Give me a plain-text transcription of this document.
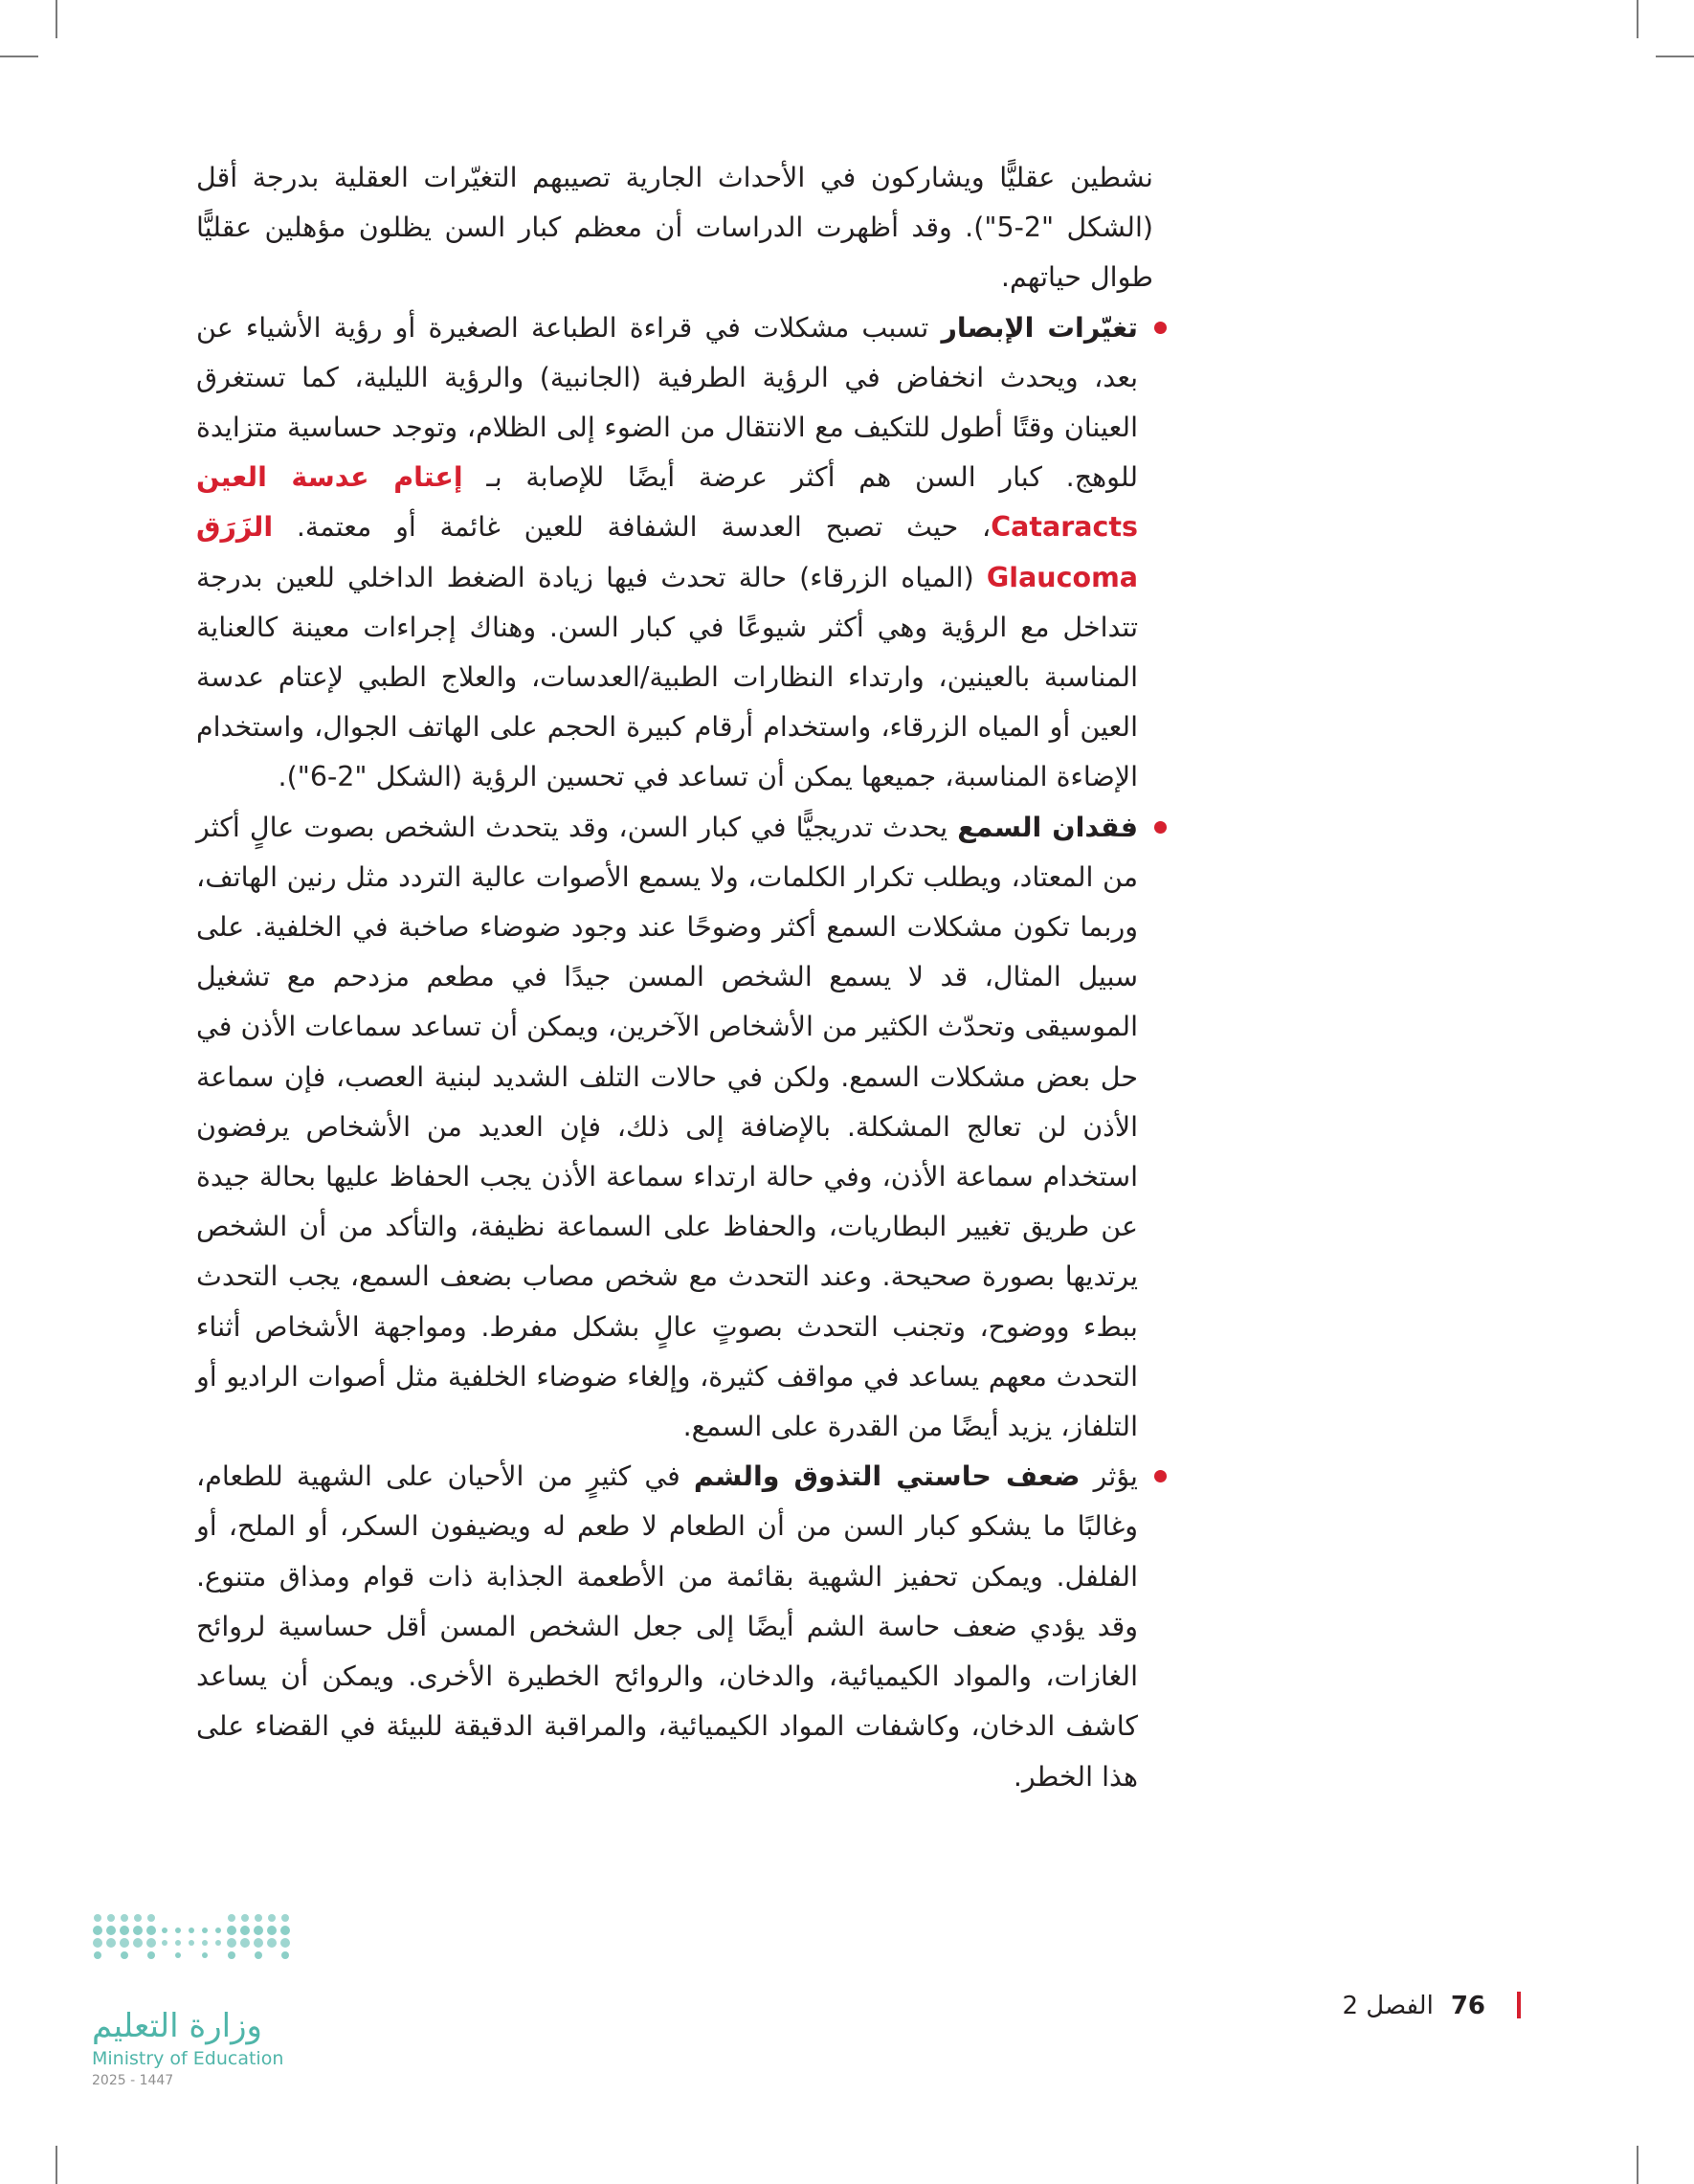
نشطين عقليًّا ويشاركون في الأحداث الجارية تصيبهم التغيّرات العقلية بدرجة أقل (الشكل "2-5"). وقد أظهرت الدراسات أن معظم كبار السن يظلون مؤهلين عقليًّا طوال حياتهم.

تغيّرات الإبصار تسبب مشكلات في قراءة الطباعة الصغيرة أو رؤية الأشياء عن بعد، ويحدث انخفاض في الرؤية الطرفية (الجانبية) والرؤية الليلية، كما تستغرق العينان وقتًا أطول للتكيف مع الانتقال من الضوء إلى الظلام، وتوجد حساسية متزايدة للوهج. كبار السن هم أكثر عرضة أيضًا للإصابة بـ إعتام عدسة العين Cataracts، حيث تصبح العدسة الشفافة للعين غائمة أو معتمة. الزَرَق Glaucoma (المياه الزرقاء) حالة تحدث فيها زيادة الضغط الداخلي للعين بدرجة تتداخل مع الرؤية وهي أكثر شيوعًا في كبار السن. وهناك إجراءات معينة كالعناية المناسبة بالعينين، وارتداء النظارات الطبية/العدسات، والعلاج الطبي لإعتام عدسة العين أو المياه الزرقاء، واستخدام أرقام كبيرة الحجم على الهاتف الجوال، واستخدام الإضاءة المناسبة، جميعها يمكن أن تساعد في تحسين الرؤية (الشكل "2-6").

فقدان السمع يحدث تدريجيًّا في كبار السن، وقد يتحدث الشخص بصوت عالٍ أكثر من المعتاد، ويطلب تكرار الكلمات، ولا يسمع الأصوات عالية التردد مثل رنين الهاتف، وربما تكون مشكلات السمع أكثر وضوحًا عند وجود ضوضاء صاخبة في الخلفية. على سبيل المثال، قد لا يسمع الشخص المسن جيدًا في مطعم مزدحم مع تشغيل الموسيقى وتحدّث الكثير من الأشخاص الآخرين، ويمكن أن تساعد سماعات الأذن في حل بعض مشكلات السمع. ولكن في حالات التلف الشديد لبنية العصب، فإن سماعة الأذن لن تعالج المشكلة. بالإضافة إلى ذلك، فإن العديد من الأشخاص يرفضون استخدام سماعة الأذن، وفي حالة ارتداء سماعة الأذن يجب الحفاظ عليها بحالة جيدة عن طريق تغيير البطاريات، والحفاظ على السماعة نظيفة، والتأكد من أن الشخص يرتديها بصورة صحيحة. وعند التحدث مع شخص مصاب بضعف السمع، يجب التحدث ببطء ووضوح، وتجنب التحدث بصوتٍ عالٍ بشكل مفرط. ومواجهة الأشخاص أثناء التحدث معهم يساعد في مواقف كثيرة، وإلغاء ضوضاء الخلفية مثل أصوات الراديو أو التلفاز، يزيد أيضًا من القدرة على السمع.

يؤثر ضعف حاستي التذوق والشم في كثيرٍ من الأحيان على الشهية للطعام، وغالبًا ما يشكو كبار السن من أن الطعام لا طعم له ويضيفون السكر، أو الملح، أو الفلفل. ويمكن تحفيز الشهية بقائمة من الأطعمة الجذابة ذات قوام ومذاق متنوع. وقد يؤدي ضعف حاسة الشم أيضًا إلى جعل الشخص المسن أقل حساسية لروائح الغازات، والمواد الكيميائية، والدخان، والروائح الخطيرة الأخرى. ويمكن أن يساعد كاشف الدخان، وكاشفات المواد الكيميائية، والمراقبة الدقيقة للبيئة في القضاء على هذا الخطر.

76الفصل 2
وزارة التعليم
Ministry of Education
2025 - 1447
